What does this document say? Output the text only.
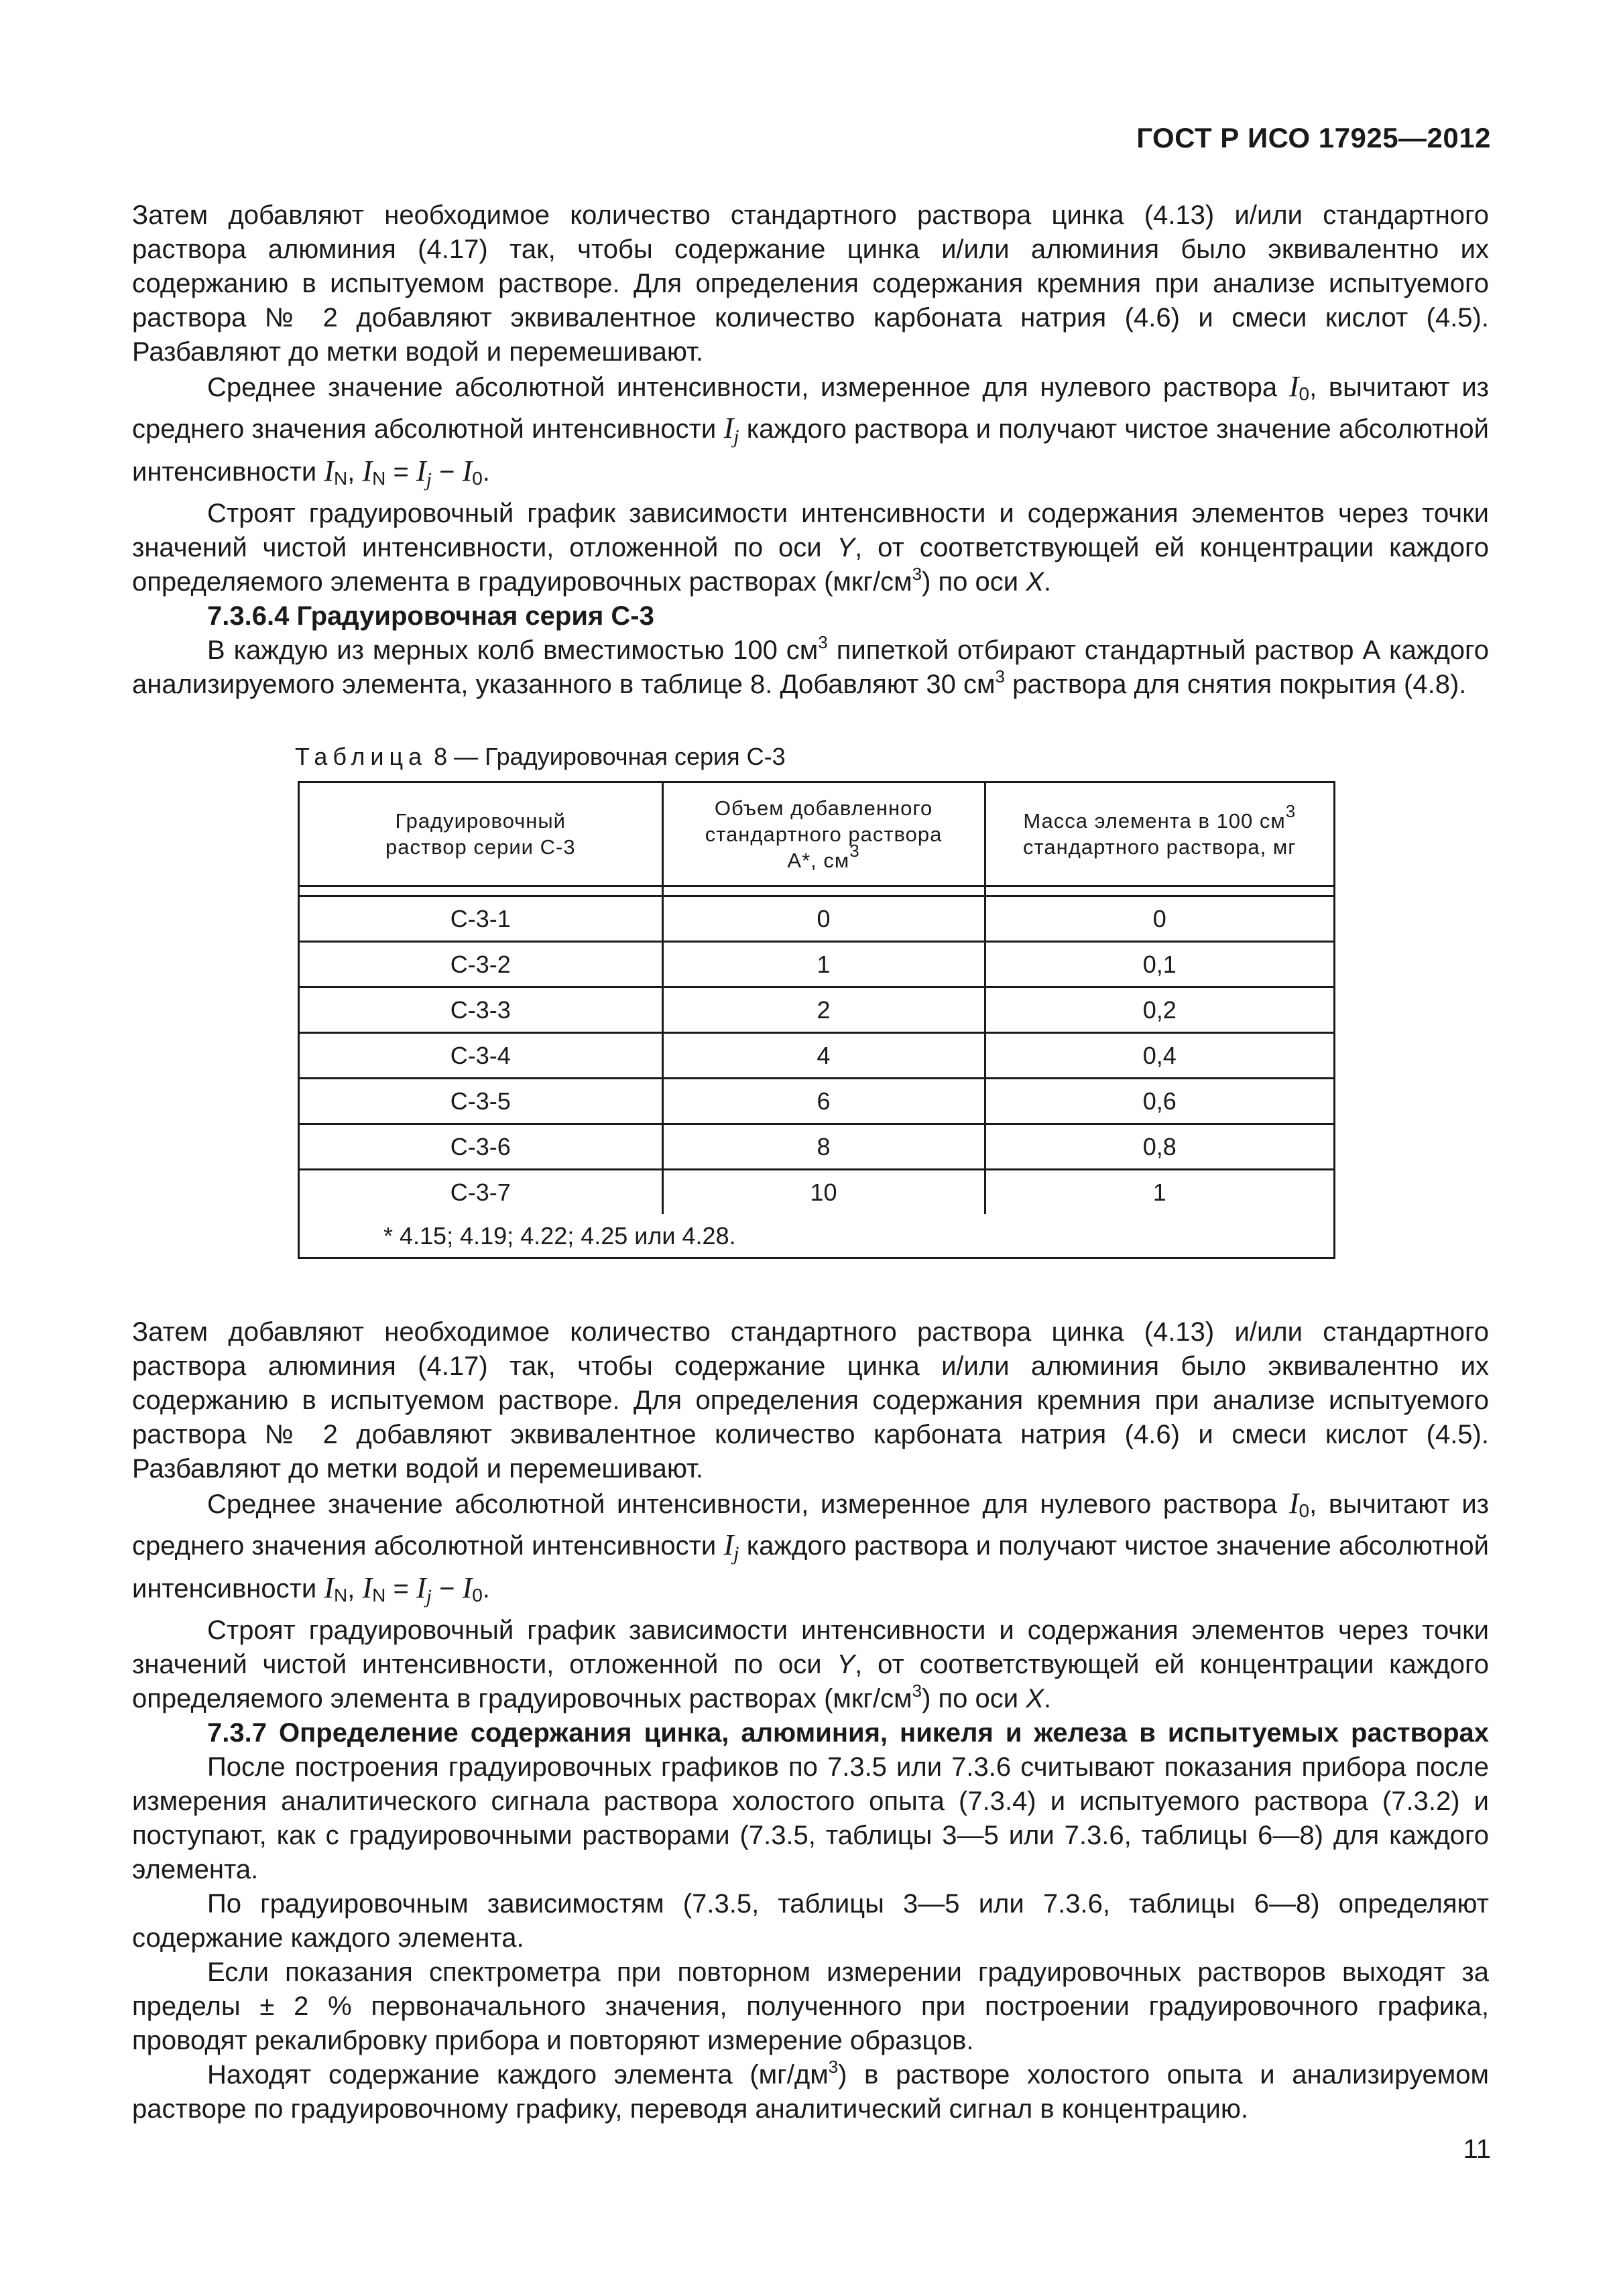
ГОСТ Р ИСО 17925—2012

Затем добавляют необходимое количество стандартного раствора цинка (4.13) и/или стандартного раствора алюминия (4.17) так, чтобы содержание цинка и/или алюминия было эквивалентно их содержанию в испытуемом растворе. Для определения содержания кремния при анализе испытуемого раствора № 2 добавляют эквивалентное количество карбоната натрия (4.6) и смеси кислот (4.5). Разбавляют до метки водой и перемешивают.

Среднее значение абсолютной интенсивности, измеренное для нулевого раствора $I_0$, вычитают из среднего значения абсолютной интенсивности $I_j$ каждого раствора и получают чистое значение абсолютной интенсивности $I_N$, $I_N = I_j - I_0$.

Строят градуировочный график зависимости интенсивности и содержания элементов через точки значений чистой интенсивности, отложенной по оси Y, от соответствующей ей концентрации каждого определяемого элемента в градуировочных растворах $(мкг/см^3)$ по оси X.

7.3.6.4 Градуировочная серия С-3

В каждую из мерных колб вместимостью 100 $см^3$ пипеткой отбирают стандартный раствор А каждого анализируемого элемента, указанного в таблице 8. Добавляют 30 $см^3$ раствора для снятия покрытия (4.8).

Таблица 8 — Градуировочная серия С-3
Градуировочный раствор серии С-3	Объем добавленного стандартного раствора А*, $см^3$	Масса элемента в 100 $см^3$ стандартного раствора, мг

С-3-1	0	0
С-3-2	1	0,1
С-3-3	2	0,2
С-3-4	4	0,4
С-3-5	6	0,6
С-3-6	8	0,8
С-3-7	10	1
* 4.15; 4.19; 4.22; 4.25 или 4.28.		

Затем добавляют необходимое количество стандартного раствора цинка (4.13) и/или стандартного раствора алюминия (4.17) так, чтобы содержание цинка и/или алюминия было эквивалентно их содержанию в испытуемом растворе. Для определения содержания кремния при анализе испытуемого раствора № 2 добавляют эквивалентное количество карбоната натрия (4.6) и смеси кислот (4.5). Разбавляют до метки водой и перемешивают.

Среднее значение абсолютной интенсивности, измеренное для нулевого раствора $I_0$, вычитают из среднего значения абсолютной интенсивности $I_j$ каждого раствора и получают чистое значение абсолютной интенсивности $I_N$, $I_N = I_j - I_0$.

Строят градуировочный график зависимости интенсивности и содержания элементов через точки значений чистой интенсивности, отложенной по оси Y, от соответствующей ей концентрации каждого определяемого элемента в градуировочных растворах $(мкг/см^3)$ по оси X.

7.3.7 Определение содержания цинка, алюминия, никеля и железа в испытуемых растворах

После построения градуировочных графиков по 7.3.5 или 7.3.6 считывают показания прибора после измерения аналитического сигнала раствора холостого опыта (7.3.4) и испытуемого раствора (7.3.2) и поступают, как с градуировочными растворами (7.3.5, таблицы 3—5 или 7.3.6, таблицы 6—8) для каждого элемента.

По градуировочным зависимостям (7.3.5, таблицы 3—5 или 7.3.6, таблицы 6—8) определяют содержание каждого элемента.

Если показания спектрометра при повторном измерении градуировочных растворов выходят за пределы ± 2 % первоначального значения, полученного при построении градуировочного графика, проводят рекалибровку прибора и повторяют измерение образцов.

Находят содержание каждого элемента $(мг/дм^3)$ в растворе холостого опыта и анализируемом растворе по градуировочному графику, переводя аналитический сигнал в концентрацию.

11
